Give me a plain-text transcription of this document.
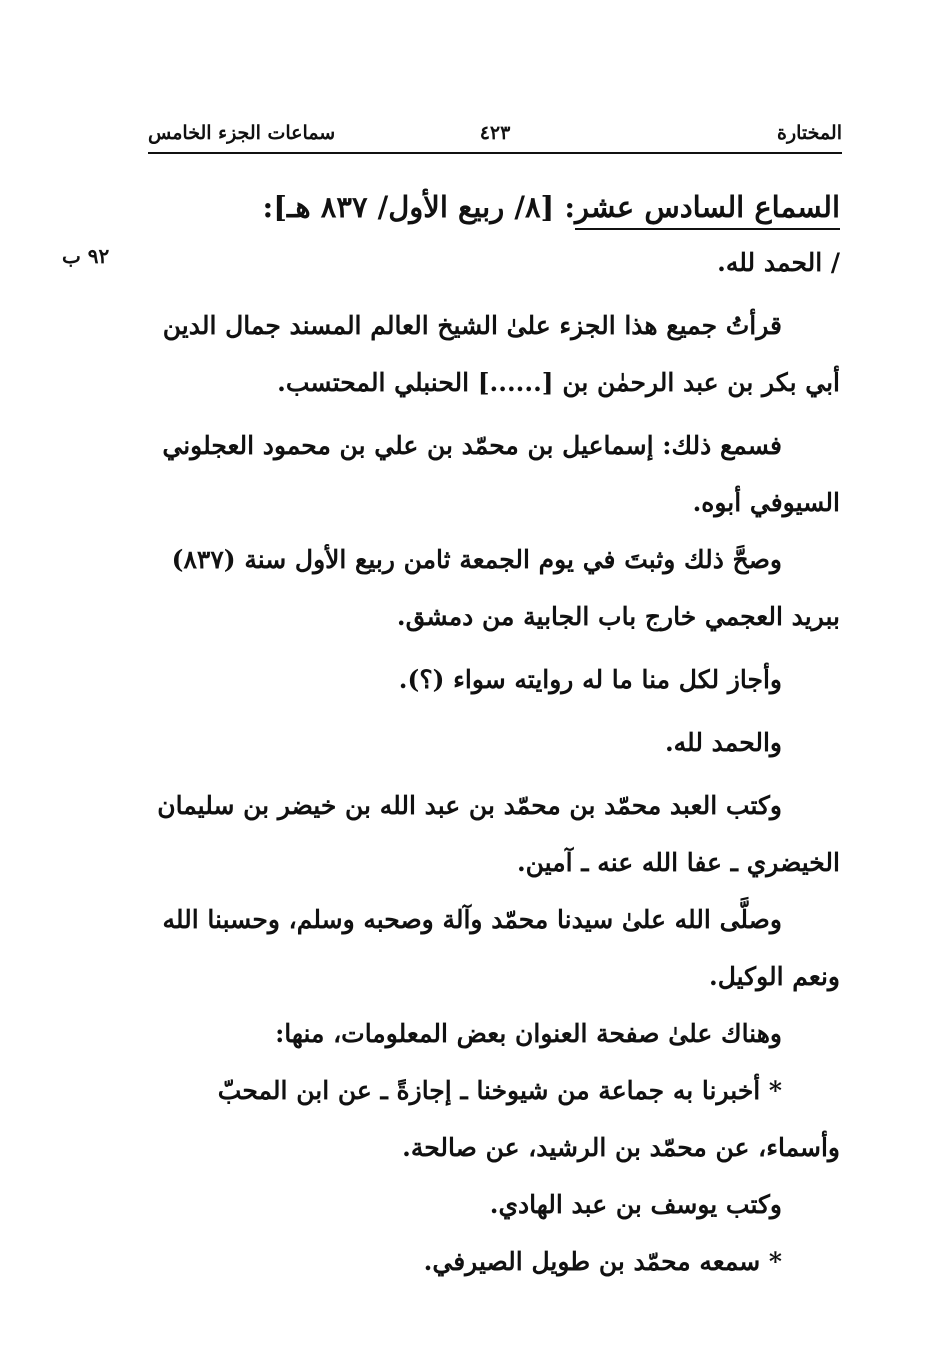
المختارة
٤٢٣
سماعات الجزء الخامس
٩٢ ب

السماع السادس عشر: [٨/ ربيع الأول/ ٨٣٧ هـ]:

/ الحمد لله.

قرأتُ جميع هذا الجزء علىٰ الشيخ العالم المسند جمال الدين

أبي بكر بن عبد الرحمٰن بن [......] الحنبلي المحتسب.

فسمع ذلك: إسماعيل بن محمّد بن علي بن محمود العجلوني

السيوفي أبوه.

وصحَّ ذلك وثبتَ في يوم الجمعة ثامن ربيع الأول سنة (٨٣٧)

ببريد العجمي خارج باب الجابية من دمشق.

وأجاز لكل منا ما له روايته سواء (؟).

والحمد لله.

وكتب العبد محمّد بن محمّد بن عبد الله بن خيضر بن سليمان

الخيضري ـ عفا الله عنه ـ آمين.

وصلَّى الله علىٰ سيدنا محمّد وآلة وصحبه وسلم، وحسبنا الله

ونعم الوكيل.

وهناك علىٰ صفحة العنوان بعض المعلومات، منها:

* أخبرنا به جماعة من شيوخنا ـ إجازةً ـ عن ابن المحبّ

وأسماء، عن محمّد بن الرشيد، عن صالحة.

وكتب يوسف بن عبد الهادي.

* سمعه محمّد بن طويل الصيرفي.
